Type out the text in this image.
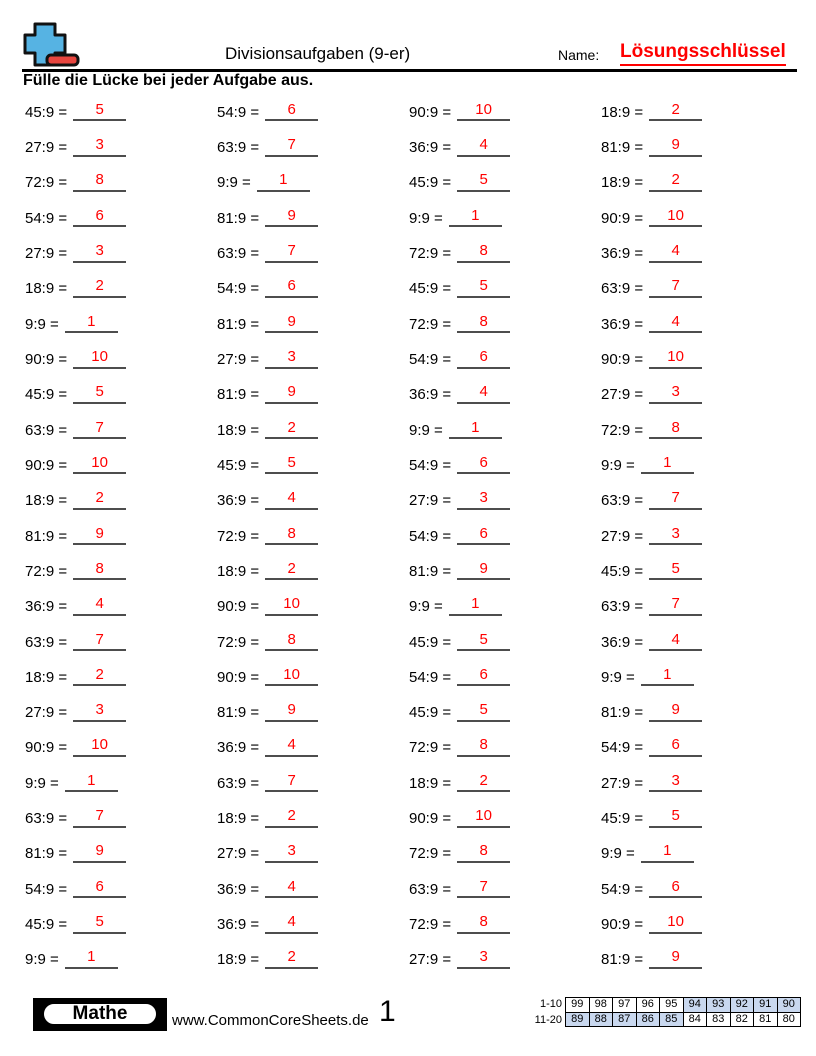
Divisionsaufgaben (9-er)	Name: Lösungsschlüssel
Fülle die Lücke bei jeder Aufgabe aus.
45:9 =	5
27:9 =	3
72:9 =	8
54:9 =	6
27:9 =	3
18:9 =	2
9:9 =	1
90:9 =	10
45:9 =	5
63:9 =	7
90:9 =	10
18:9 =	2
81:9 =	9
72:9 =	8
36:9 =	4
63:9 =	7
18:9 =	2
27:9 =	3
90:9 =	10
9:9 =	1
63:9 =	7
81:9 =	9
54:9 =	6
45:9 =	5
9:9 =	1
54:9 =	6
63:9 =	7
9:9 =	1
81:9 =	9
63:9 =	7
54:9 =	6
81:9 =	9
27:9 =	3
81:9 =	9
18:9 =	2
45:9 =	5
36:9 =	4
72:9 =	8
18:9 =	2
90:9 =	10
72:9 =	8
90:9 =	10
81:9 =	9
36:9 =	4
63:9 =	7
18:9 =	2
27:9 =	3
36:9 =	4
36:9 =	4
18:9 =	2
90:9 =	10
36:9 =	4
45:9 =	5
9:9 =	1
72:9 =	8
45:9 =	5
72:9 =	8
54:9 =	6
36:9 =	4
9:9 =	1
54:9 =	6
27:9 =	3
54:9 =	6
81:9 =	9
9:9 =	1
45:9 =	5
54:9 =	6
45:9 =	5
72:9 =	8
18:9 =	2
90:9 =	10
72:9 =	8
63:9 =	7
72:9 =	8
27:9 =	3
18:9 =	2
81:9 =	9
18:9 =	2
90:9 =	10
36:9 =	4
63:9 =	7
36:9 =	4
90:9 =	10
27:9 =	3
72:9 =	8
9:9 =	1
63:9 =	7
27:9 =	3
45:9 =	5
63:9 =	7
36:9 =	4
9:9 =	1
81:9 =	9
54:9 =	6
27:9 =	3
45:9 =	5
9:9 =	1
54:9 =	6
90:9 =	10
81:9 =	9
Mathe	www.CommonCoreSheets.de 1	1-10 99	98	97	96	95	94	93	92	91	90
11-20 89	88	87	86	85	84	83	82	81	80
